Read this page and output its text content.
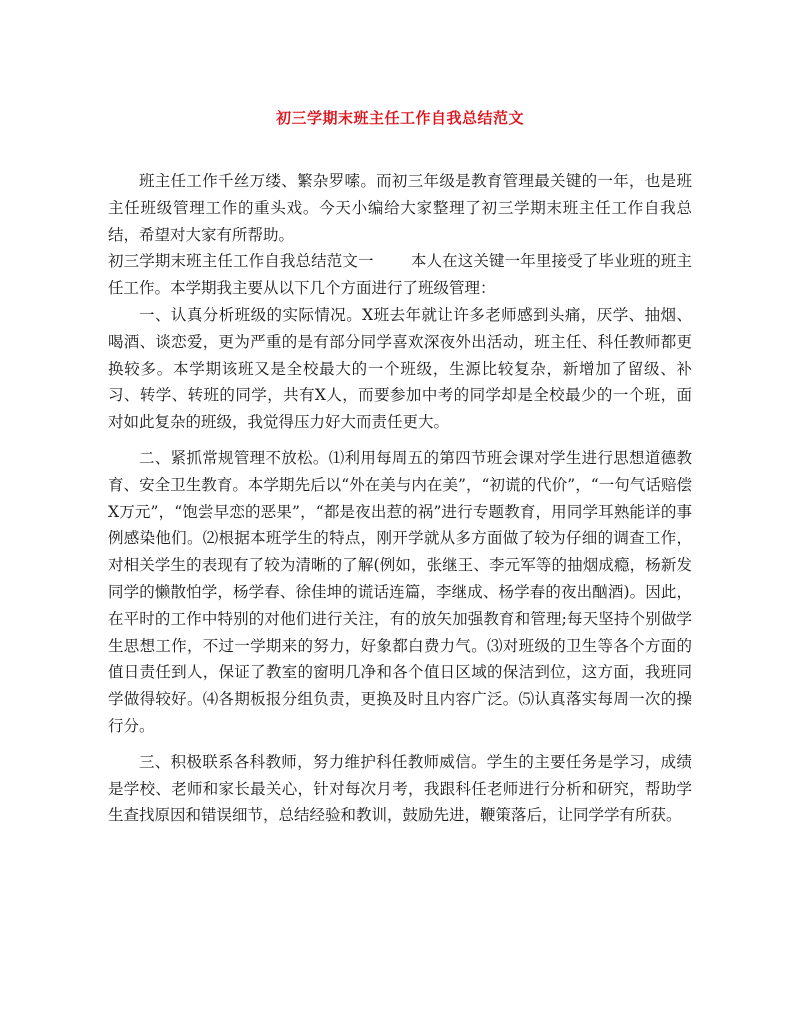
初三学期末班主任工作自我总结范文

班主任工作千丝万缕、繁杂罗嗦。而初三年级是教育管理最关键的一年，也是班主任班级管理工作的重头戏。今天小编给大家整理了初三学期末班主任工作自我总结，希望对大家有所帮助。

初三学期末班主任工作自我总结范文一 本人在这关键一年里接受了毕业班的班主任工作。本学期我主要从以下几个方面进行了班级管理：

一、认真分析班级的实际情况。X班去年就让许多老师感到头痛，厌学、抽烟、喝酒、谈恋爱，更为严重的是有部分同学喜欢深夜外出活动，班主任、科任教师都更换较多。本学期该班又是全校最大的一个班级，生源比较复杂，新增加了留级、补习、转学、转班的同学，共有X人，而要参加中考的同学却是全校最少的一个班，面对如此复杂的班级，我觉得压力好大而责任更大。

二、紧抓常规管理不放松。⑴利用每周五的第四节班会课对学生进行思想道德教育、安全卫生教育。本学期先后以“外在美与内在美”，“初谎的代价”，“一句气话赔偿X万元”，“饱尝早恋的恶果”，“都是夜出惹的祸”进行专题教育，用同学耳熟能详的事例感染他们。⑵根据本班学生的特点，刚开学就从多方面做了较为仔细的调查工作，对相关学生的表现有了较为清晰的了解(例如，张继王、李元军等的抽烟成瘾，杨新发同学的懒散怕学，杨学春、徐佳坤的谎话连篇，李继成、杨学春的夜出酗酒)。因此，在平时的工作中特别的对他们进行关注，有的放矢加强教育和管理;每天坚持个别做学生思想工作，不过一学期来的努力，好象都白费力气。⑶对班级的卫生等各个方面的值日责任到人，保证了教室的窗明几净和各个值日区域的保洁到位，这方面，我班同学做得较好。⑷各期板报分组负责，更换及时且内容广泛。⑸认真落实每周一次的操行分。

三、积极联系各科教师，努力维护科任教师威信。学生的主要任务是学习，成绩是学校、老师和家长最关心，针对每次月考，我跟科任老师进行分析和研究，帮助学生查找原因和错误细节，总结经验和教训，鼓励先进，鞭策落后，让同学学有所获。
